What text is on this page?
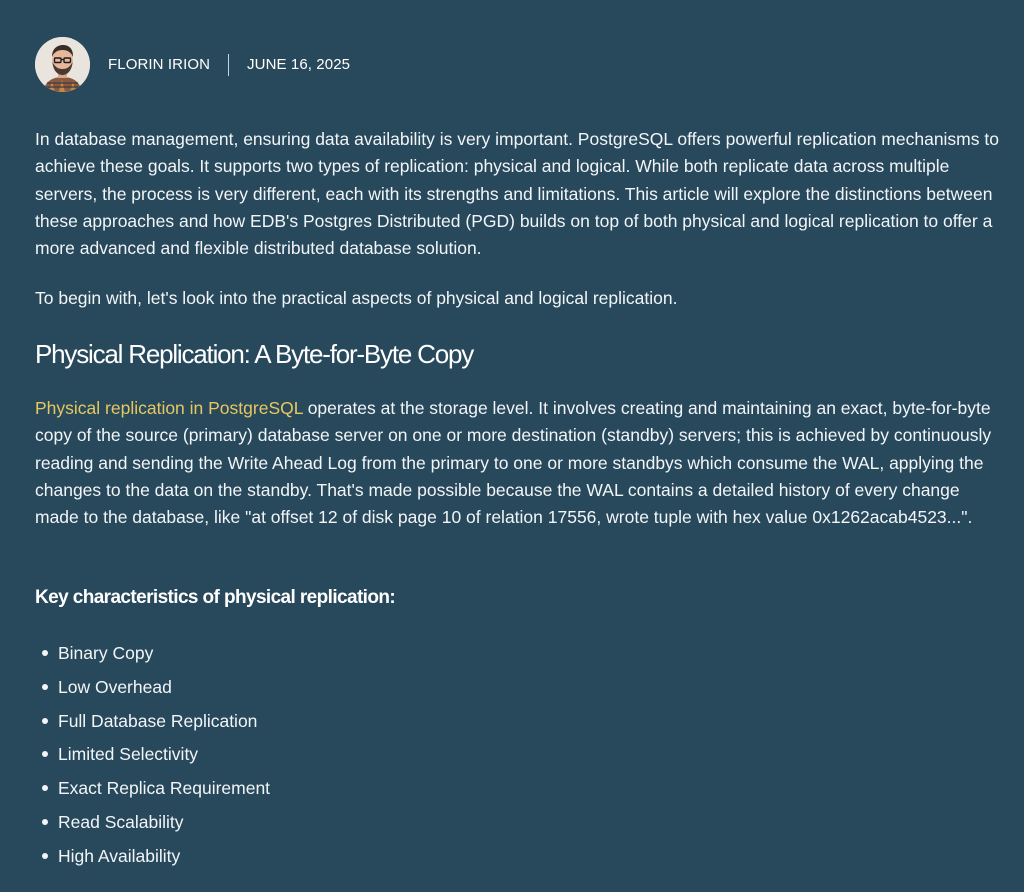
FLORIN IRION JUNE 16, 2025

In database management, ensuring data availability is very important. PostgreSQL offers powerful replication mechanisms to achieve these goals. It supports two types of replication: physical and logical. While both replicate data across multiple servers, the process is very different, each with its strengths and limitations. This article will explore the distinctions between these approaches and how EDB's Postgres Distributed (PGD) builds on top of both physical and logical replication to offer a more advanced and flexible distributed database solution.

To begin with, let's look into the practical aspects of physical and logical replication.

Physical Replication: A Byte-for-Byte Copy

Physical replication in PostgreSQL operates at the storage level. It involves creating and maintaining an exact, byte-for-byte copy of the source (primary) database server on one or more destination (standby) servers; this is achieved by continuously reading and sending the Write Ahead Log from the primary to one or more standbys which consume the WAL, applying the changes to the data on the standby. That's made possible because the WAL contains a detailed history of every change made to the database, like "at offset 12 of disk page 10 of relation 17556, wrote tuple with hex value 0x1262acab4523...".

Key characteristics of physical replication:
Binary Copy
Low Overhead
Full Database Replication
Limited Selectivity
Exact Replica Requirement
Read Scalability
High Availability
